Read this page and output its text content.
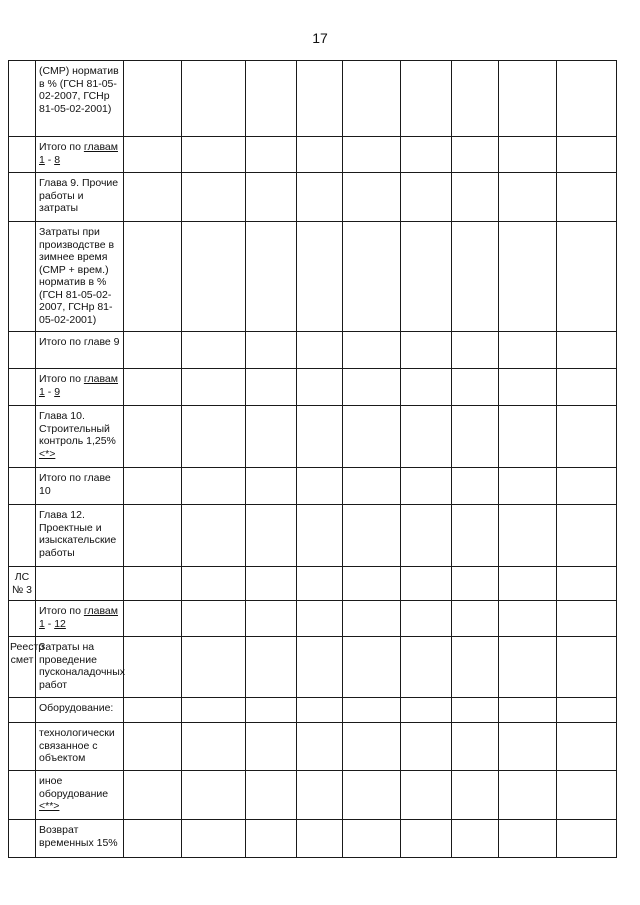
17
	(СМР) норматив в % (ГСН 81-05-02-2007, ГСНр 81-05-02-2001)									
	Итого по главам 1 - 8									
	Глава 9. Прочие работы и затраты									
	Затраты при производстве в зимнее время (СМР + врем.) норматив в % (ГСН 81-05-02-2007, ГСНр 81-05-02-2001)									
	Итого по главе 9									
	Итого по главам 1 - 9									
	Глава 10. Строительный контроль 1,25% <*>									
	Итого по главе 10									
	Глава 12. Проектные и изыскательские работы									
ЛС № 3										
	Итого по главам 1 - 12									
Реестр смет	Затраты на проведение пусконаладочных работ									
	Оборудование:									
	технологически связанное с объектом									
	иное оборудование <**>									
	Возврат временных 15%									
